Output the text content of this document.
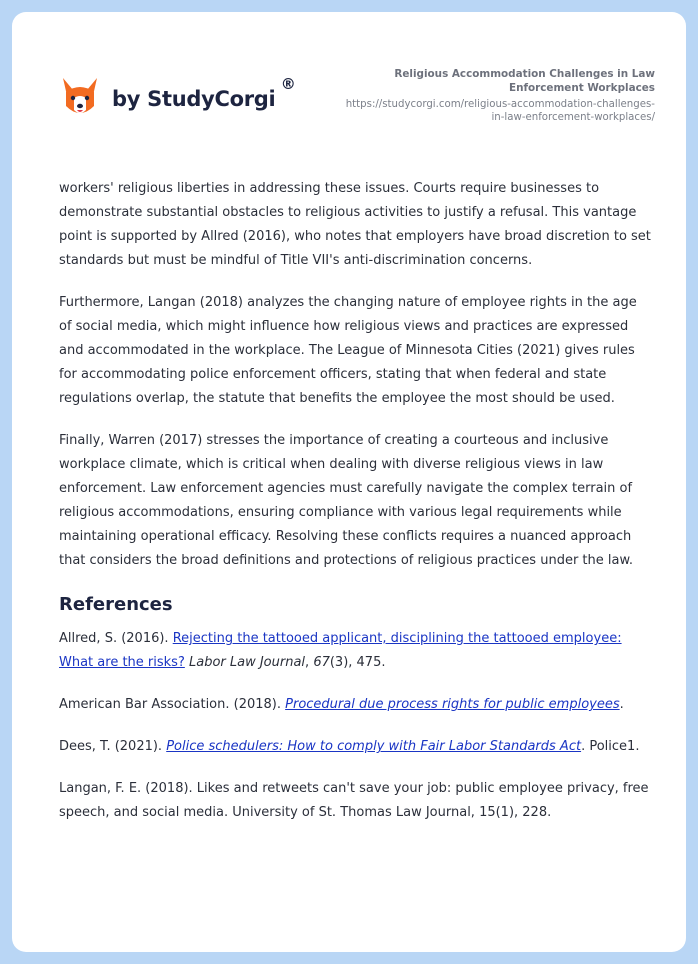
by StudyCorgi
®
Religious Accommodation Challenges in Law
Enforcement Workplaces
https://studycorgi.com/religious-accommodation-challenges-
in-law-enforcement-workplaces/

workers' religious liberties in addressing these issues. Courts require businesses to demonstrate substantial obstacles to religious activities to justify a refusal. This vantage point is supported by Allred (2016), who notes that employers have broad discretion to set standards but must be mindful of Title VII's anti-discrimination concerns.

Furthermore, Langan (2018) analyzes the changing nature of employee rights in the age of social media, which might influence how religious views and practices are expressed and accommodated in the workplace. The League of Minnesota Cities (2021) gives rules for accommodating police enforcement officers, stating that when federal and state regulations overlap, the statute that benefits the employee the most should be used.

Finally, Warren (2017) stresses the importance of creating a courteous and inclusive workplace climate, which is critical when dealing with diverse religious views in law enforcement. Law enforcement agencies must carefully navigate the complex terrain of religious accommodations, ensuring compliance with various legal requirements while maintaining operational efficacy. Resolving these conflicts requires a nuanced approach that considers the broad definitions and protections of religious practices under the law.

References

Allred, S. (2016). Rejecting the tattooed applicant, disciplining the tattooed employee: What are the risks? Labor Law Journal, 67(3), 475.

American Bar Association. (2018). Procedural due process rights for public employees.

Dees, T. (2021). Police schedulers: How to comply with Fair Labor Standards Act. Police1.

Langan, F. E. (2018). Likes and retweets can't save your job: public employee privacy, free speech, and social media. University of St. Thomas Law Journal, 15(1), 228.
